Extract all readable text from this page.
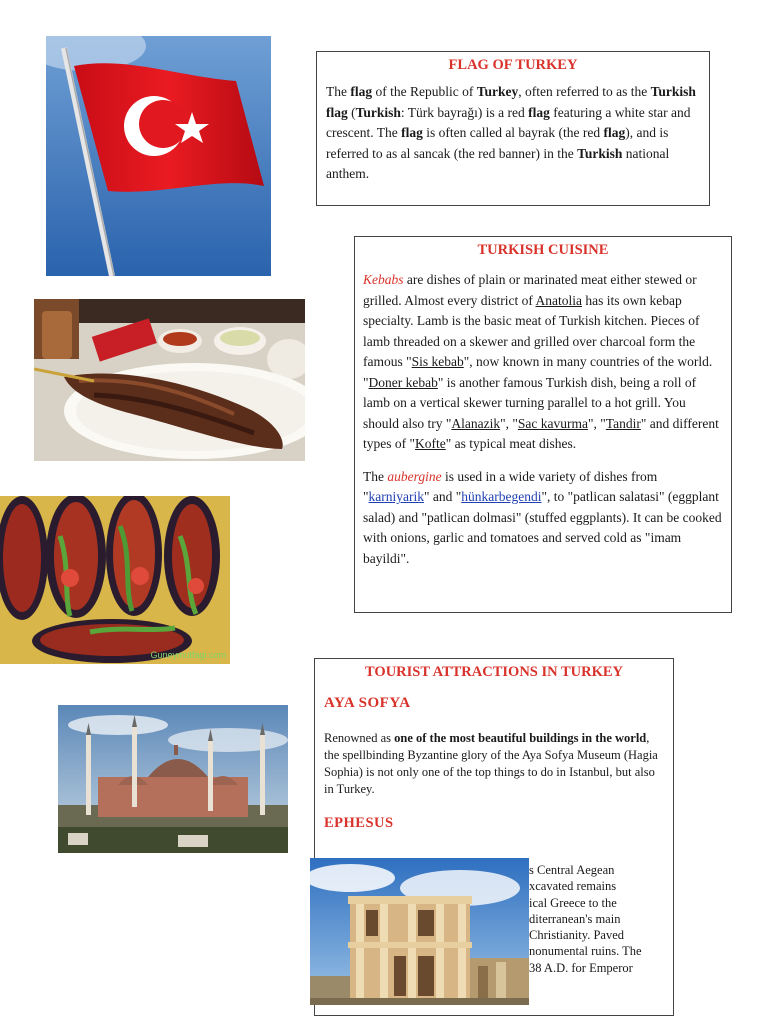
FLAG OF TURKEY

The flag of the Republic of Turkey, often referred to as the Turkish flag (Turkish: Türk bayrağı) is a red flag featuring a white star and crescent. The flag is often called al bayrak (the red flag), and is referred to as al sancak (the red banner) in the Turkish national anthem.

TURKISH CUISINE

Kebabs are dishes of plain or marinated meat either stewed or grilled. Almost every district of Anatolia has its own kebap specialty. Lamb is the basic meat of Turkish kitchen. Pieces of lamb threaded on a skewer and grilled over charcoal form the famous "Sis kebab", now known in many countries of the world. "Doner kebab" is another famous Turkish dish, being a roll of lamb on a vertical skewer turning parallel to a hot grill. You should also try "Alanazik", "Sac kavurma", "Tandir" and different types of "Kofte" as typical meat dishes.

The aubergine is used in a wide variety of dishes from "karniyarik" and "hünkarbegendi", to "patlican salatasi" (eggplant salad) and "patlican dolmasi" (stuffed eggplants). It can be cooked with onions, garlic and tomatoes and served cold as "imam bayildi".

Guneymutfagi.com
TOURIST ATTRACTIONS IN TURKEY
AYA SOFYA

Renowned as one of the most beautiful buildings in the world, the spellbinding Byzantine glory of the Aya Sofya Museum (Hagia Sophia) is not only one of the top things to do in Istanbul, but also in Turkey.

EPHESUS
s Central Aegean
xcavated remains
ical Greece to the
diterranean's main
Christianity. Paved
nonumental ruins. The
38 A.D. for Emperor
